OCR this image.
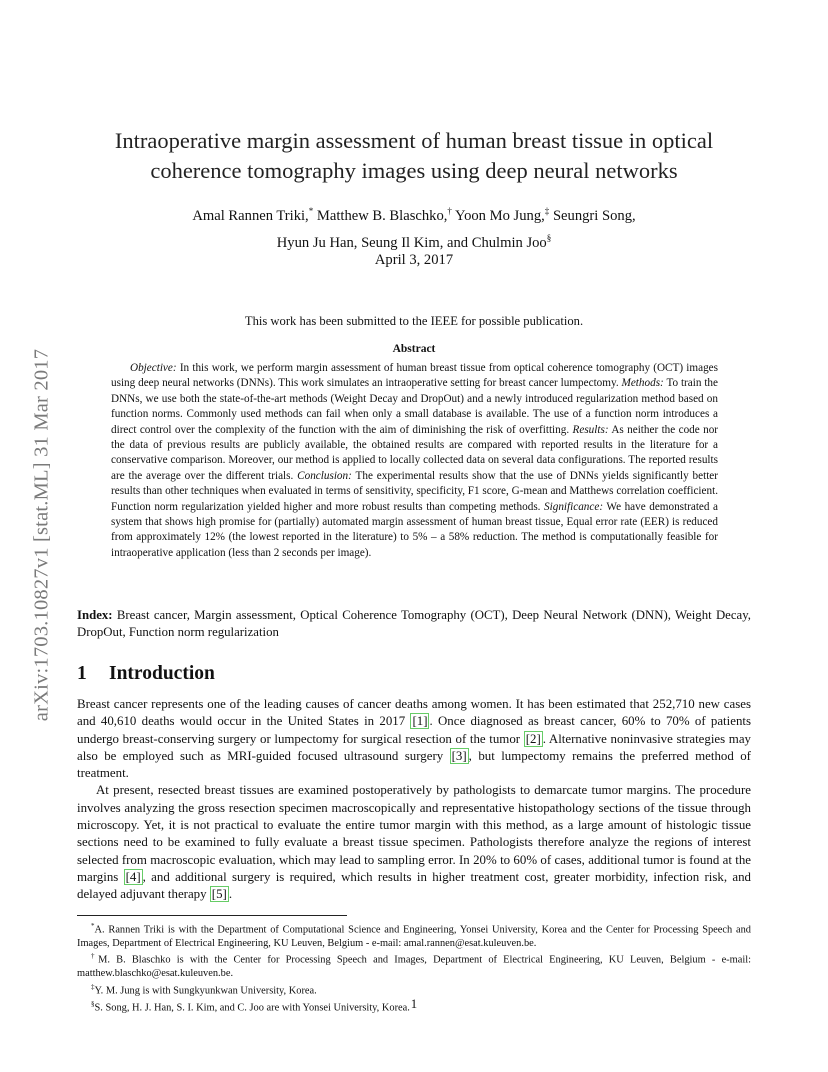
arXiv:1703.10827v1 [stat.ML] 31 Mar 2017
Intraoperative margin assessment of human breast tissue in optical
coherence tomography images using deep neural networks
Amal Rannen Triki,* Matthew B. Blaschko,† Yoon Mo Jung,‡ Seungri Song,
Hyun Ju Han, Seung Il Kim, and Chulmin Joo§
April 3, 2017
This work has been submitted to the IEEE for possible publication.
Abstract

Objective: In this work, we perform margin assessment of human breast tissue from optical coherence tomography (OCT) images using deep neural networks (DNNs). This work simulates an intraoperative setting for breast cancer lumpectomy. Methods: To train the DNNs, we use both the state-of-the-art methods (Weight Decay and DropOut) and a newly introduced regularization method based on function norms. Commonly used methods can fail when only a small database is available. The use of a function norm introduces a direct control over the complexity of the function with the aim of diminishing the risk of overfitting. Results: As neither the code nor the data of previous results are publicly available, the obtained results are compared with reported results in the literature for a conservative comparison. Moreover, our method is applied to locally collected data on several data configurations. The reported results are the average over the different trials. Conclusion: The experimental results show that the use of DNNs yields significantly better results than other techniques when evaluated in terms of sensitivity, specificity, F1 score, G-mean and Matthews correlation coefficient. Function norm regularization yielded higher and more robust results than competing methods. Significance: We have demonstrated a system that shows high promise for (partially) automated margin assessment of human breast tissue, Equal error rate (EER) is reduced from approximately 12% (the lowest reported in the literature) to 5% – a 58% reduction. The method is computationally feasible for intraoperative application (less than 2 seconds per image).

Index: Breast cancer, Margin assessment, Optical Coherence Tomography (OCT), Deep Neural Network (DNN), Weight Decay, DropOut, Function norm regularization
1 Introduction

Breast cancer represents one of the leading causes of cancer deaths among women. It has been estimated that 252,710 new cases and 40,610 deaths would occur in the United States in 2017 [1] . Once diagnosed as breast cancer, 60% to 70% of patients undergo breast-conserving surgery or lumpectomy for surgical resection of the tumor [2] . Alternative noninvasive strategies may also be employed such as MRI-guided focused ultrasound surgery [3] , but lumpectomy remains the preferred method of treatment.

At present, resected breast tissues are examined postoperatively by pathologists to demarcate tumor margins. The procedure involves analyzing the gross resection specimen macroscopically and representative histopathology sections of the tissue through microscopy. Yet, it is not practical to evaluate the entire tumor margin with this method, as a large amount of histologic tissue sections need to be examined to fully evaluate a breast tissue specimen. Pathologists therefore analyze the regions of interest selected from macroscopic evaluation, which may lead to sampling error. In 20% to 60% of cases, additional tumor is found at the margins [4] , and additional surgery is required, which results in higher treatment cost, greater morbidity, infection risk, and delayed adjuvant therapy [5] .

*A. Rannen Triki is with the Department of Computational Science and Engineering, Yonsei University, Korea and the Center for Processing Speech and Images, Department of Electrical Engineering, KU Leuven, Belgium - e-mail: amal.rannen@esat.kuleuven.be.

†M. B. Blaschko is with the Center for Processing Speech and Images, Department of Electrical Engineering, KU Leuven, Belgium - e-mail: matthew.blaschko@esat.kuleuven.be.

‡Y. M. Jung is with Sungkyunkwan University, Korea.

§S. Song, H. J. Han, S. I. Kim, and C. Joo are with Yonsei University, Korea. 1
